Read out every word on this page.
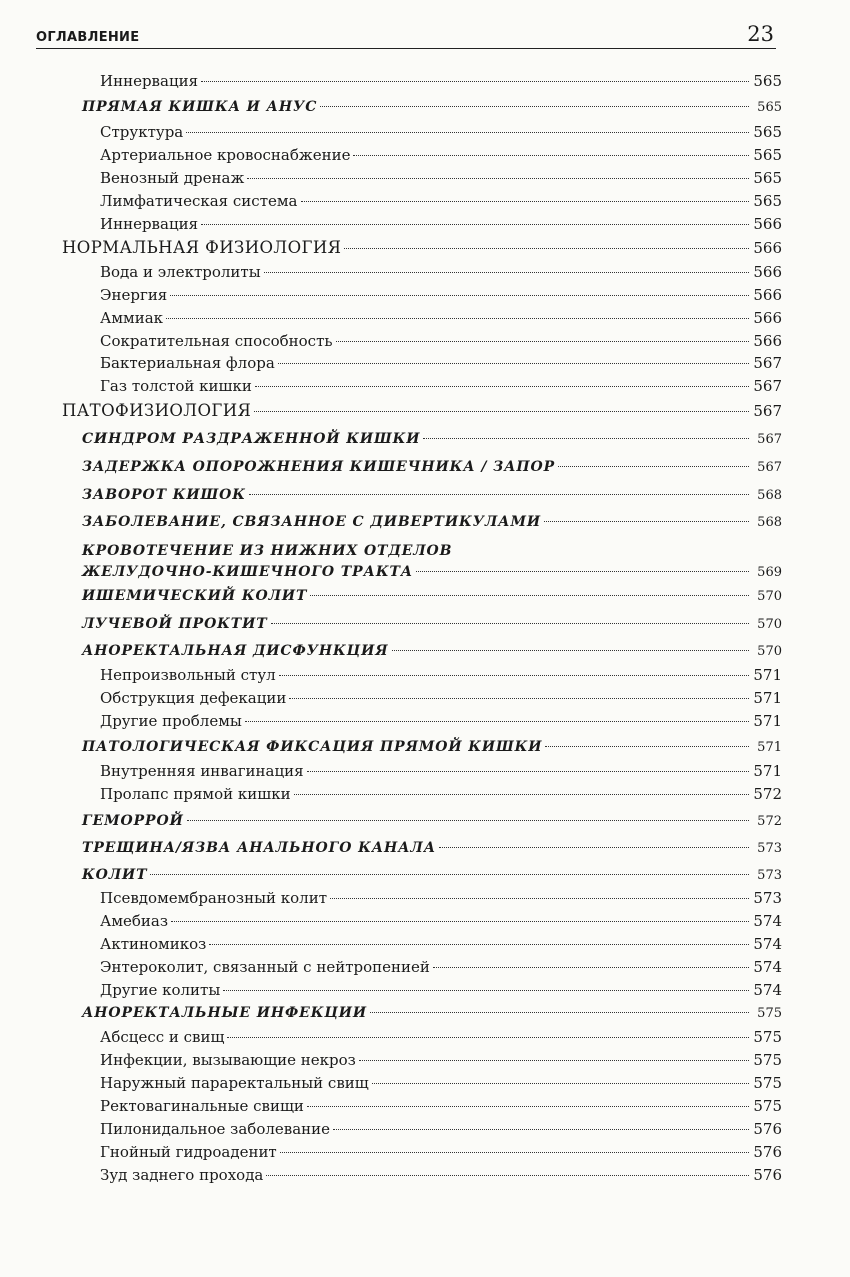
ОГЛАВЛЕНИЕ	23
Иннервация	565
ПРЯМАЯ КИШКА И АНУС	565
Структура	565
Артериальное кровоснабжение	565
Венозный дренаж	565
Лимфатическая система	565
Иннервация	566
НОРМАЛЬНАЯ ФИЗИОЛОГИЯ	566
Вода и электролиты	566
Энергия	566
Аммиак	566
Сократительная способность	566
Бактериальная флора	567
Газ толстой кишки	567
ПАТОФИЗИОЛОГИЯ	567
СИНДРОМ РАЗДРАЖЕННОЙ КИШКИ	567
ЗАДЕРЖКА ОПОРОЖНЕНИЯ КИШЕЧНИКА / ЗАПОР	567
ЗАВОРОТ КИШОК	568
ЗАБОЛЕВАНИЕ, СВЯЗАННОЕ С ДИВЕРТИКУЛАМИ	568
КРОВОТЕЧЕНИЕ ИЗ НИЖНИХ ОТДЕЛОВ
ЖЕЛУДОЧНО-КИШЕЧНОГО ТРАКТА	569
ИШЕМИЧЕСКИЙ КОЛИТ	570
ЛУЧЕВОЙ ПРОКТИТ	570
АНОРЕКТАЛЬНАЯ ДИСФУНКЦИЯ	570
Непроизвольный стул	571
Обструкция дефекации	571
Другие проблемы	571
ПАТОЛОГИЧЕСКАЯ ФИКСАЦИЯ ПРЯМОЙ КИШКИ	571
Внутренняя инвагинация	571
Пролапс прямой кишки	572
ГЕМОРРОЙ	572
ТРЕЩИНА/ЯЗВА АНАЛЬНОГО КАНАЛА	573
КОЛИТ	573
Псевдомембранозный колит	573
Амебиаз	574
Актиномикоз	574
Энтероколит, связанный с нейтропенией	574
Другие колиты	574
АНОРЕКТАЛЬНЫЕ ИНФЕКЦИИ	575
Абсцесс и свищ	575
Инфекции, вызывающие некроз	575
Наружный параректальный свищ	575
Ректовагинальные свищи	575
Пилонидальное заболевание	576
Гнойный гидроаденит	576
Зуд заднего прохода	576
